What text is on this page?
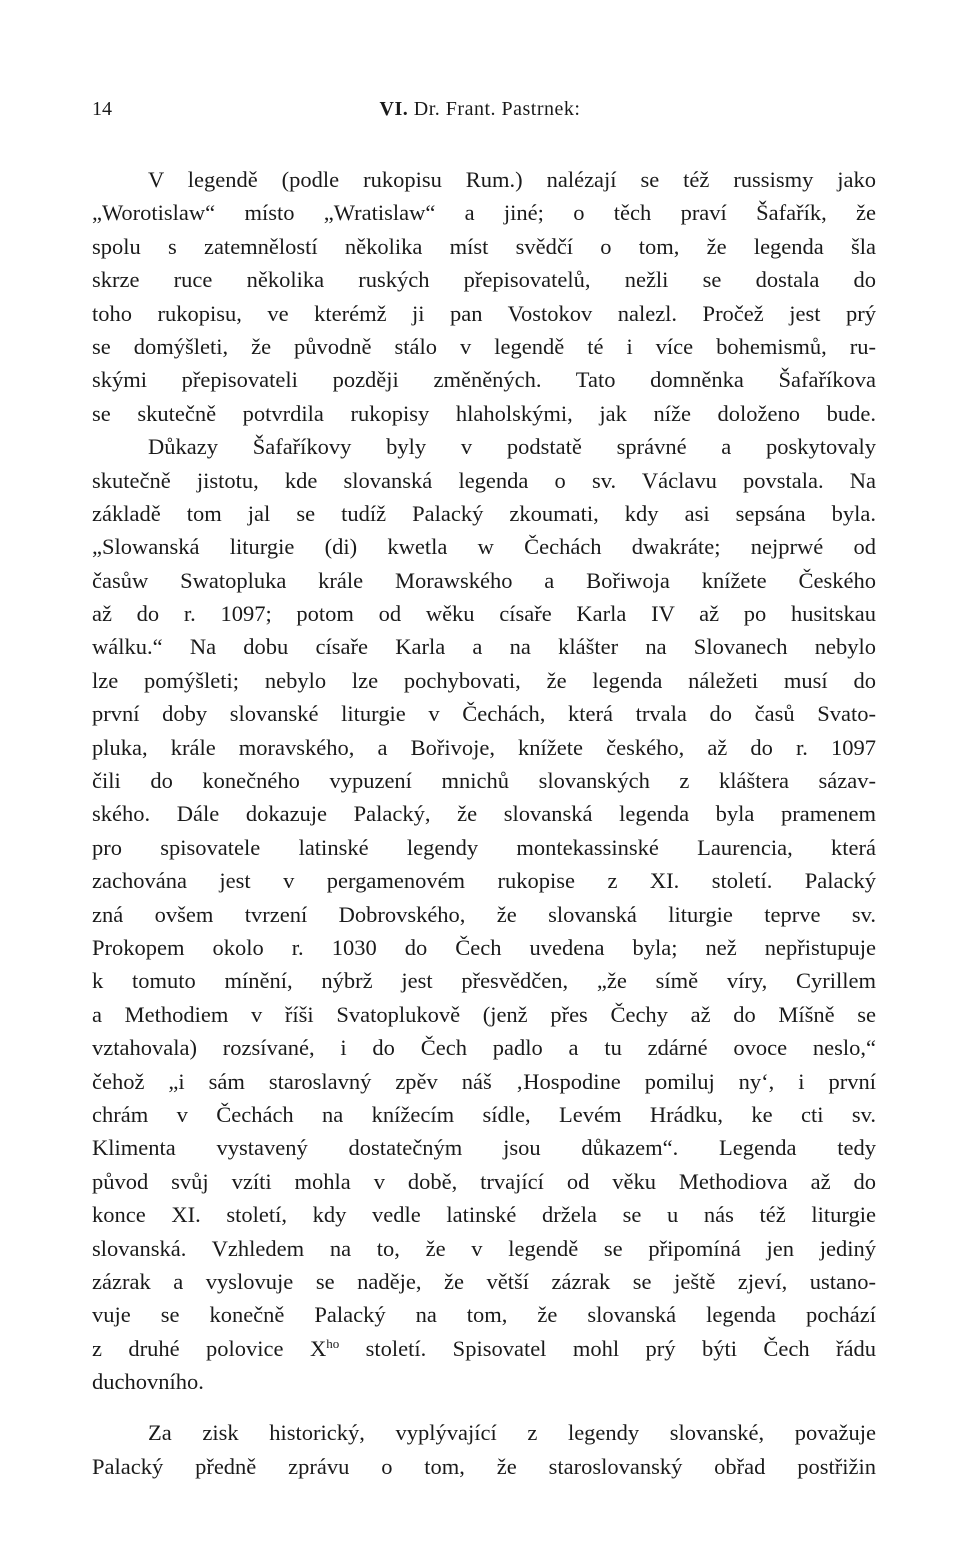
14	VI. Dr. Frant. Pastrnek:
V legendě (podle rukopisu Rum.) nalézají se též russismy jako
„Worotislaw“ místo „Wratislaw“ a jiné; o těch praví Šafařík, že
spolu s zatemnělostí několika míst svědčí o tom, že legenda šla
skrze ruce několika ruských přepisovatelů, nežli se dostala do
toho rukopisu, ve kterémž ji pan Vostokov nalezl. Pročež jest prý
se domýšleti, že původně stálo v legendě té i více bohemismů, ru-
skými přepisovateli později změněných. Tato domněnka Šafaříkova
se skutečně potvrdila rukopisy hlaholskými, jak níže doloženo bude.
Důkazy Šafaříkovy byly v podstatě správné a poskytovaly
skutečně jistotu, kde slovanská legenda o sv. Václavu povstala. Na
základě tom jal se tudíž Palacký zkoumati, kdy asi sepsána byla.
„Slowanská liturgie (di) kwetla w Čechách dwakráte; nejprwé od
časůw Swatopluka krále Morawského a Bořiwoja knížete Českého
až do r. 1097; potom od wěku císaře Karla IV až po husitskau
wálku.“ Na dobu císaře Karla a na klášter na Slovanech nebylo
lze pomýšleti; nebylo lze pochybovati, že legenda náležeti musí do
první doby slovanské liturgie v Čechách, která trvala do časů Svato-
pluka, krále moravského, a Bořivoje, knížete českého, až do r. 1097
čili do konečného vypuzení mnichů slovanských z kláštera sázav-
ského. Dále dokazuje Palacký, že slovanská legenda byla pramenem
pro spisovatele latinské legendy montekassinské Laurencia, která
zachována jest v pergamenovém rukopise z XI. století. Palacký
zná ovšem tvrzení Dobrovského, že slovanská liturgie teprve sv.
Prokopem okolo r. 1030 do Čech uvedena byla; než nepřistupuje
k tomuto mínění, nýbrž jest přesvědčen, „že símě víry, Cyrillem
a Methodiem v říši Svatoplukově (jenž přes Čechy až do Míšně se
vztahovala) rozsívané, i do Čech padlo a tu zdárné ovoce neslo,“
čehož „i sám staroslavný zpěv náš ‚Hospodine pomiluj ny‘, i první
chrám v Čechách na knížecím sídle, Levém Hrádku, ke cti sv.
Klimenta vystavený dostatečným jsou důkazem“. Legenda tedy
původ svůj vzíti mohla v době, trvající od věku Methodiova až do
konce XI. století, kdy vedle latinské držela se u nás též liturgie
slovanská. Vzhledem na to, že v legendě se připomíná jen jediný
zázrak a vyslovuje se naděje, že větší zázrak se ještě zjeví, ustano-
vuje se konečně Palacký na tom, že slovanská legenda pochází
z druhé polovice $X^{ho}$ století. Spisovatel mohl prý býti Čech řádu
duchovního.
Za zisk historický, vyplývající z legendy slovanské, považuje
Palacký předně zprávu o tom, že staroslovanský obřad postřižin
